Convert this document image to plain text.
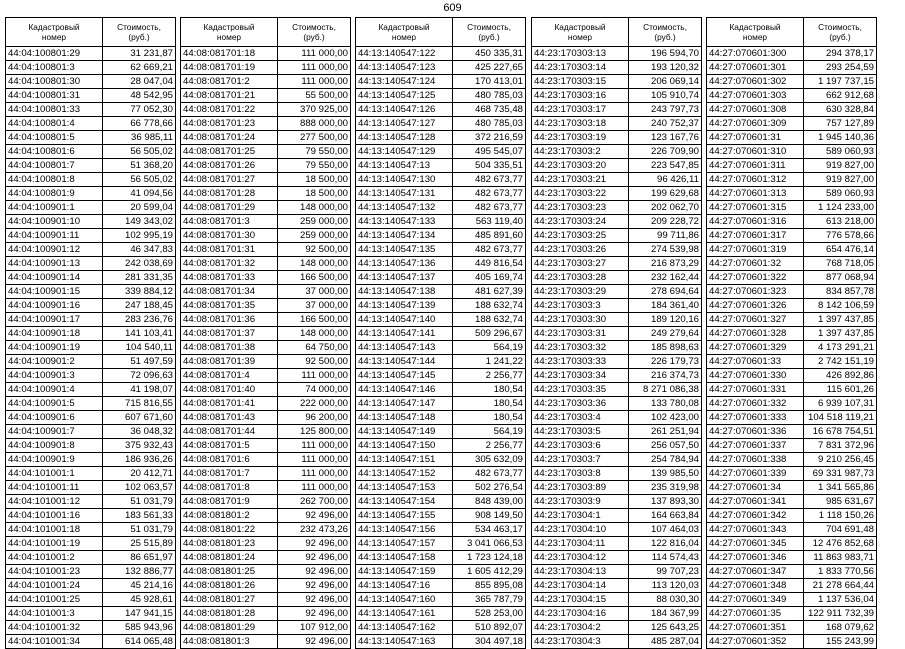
609
Кадастровый
номер	Стоимость,
(руб.)

44:04:100801:29	31 231,87
44:04:100801:3	62 669,21
44:04:100801:30	28 047,04
44:04:100801:31	48 542,95
44:04:100801:33	77 052,30
44:04:100801:4	66 778,66
44:04:100801:5	36 985,11
44:04:100801:6	56 505,02
44:04:100801:7	51 368,20
44:04:100801:8	56 505,02
44:04:100801:9	41 094,56
44:04:100901:1	20 599,04
44:04:100901:10	149 343,02
44:04:100901:11	102 995,19
44:04:100901:12	46 347,83
44:04:100901:13	242 038,69
44:04:100901:14	281 331,35
44:04:100901:15	339 884,12
44:04:100901:16	247 188,45
44:04:100901:17	283 236,76
44:04:100901:18	141 103,41
44:04:100901:19	104 540,11
44:04:100901:2	51 497,59
44:04:100901:3	72 096,63
44:04:100901:4	41 198,07
44:04:100901:5	715 816,55
44:04:100901:6	607 671,60
44:04:100901:7	36 048,32
44:04:100901:8	375 932,43
44:04:100901:9	186 936,26
44:04:101001:1	20 412,71
44:04:101001:11	102 063,57
44:04:101001:12	51 031,79
44:04:101001:16	183 561,33
44:04:101001:18	51 031,79
44:04:101001:19	25 515,89
44:04:101001:2	86 651,97
44:04:101001:23	132 886,77
44:04:101001:24	45 214,16
44:04:101001:25	45 928,61
44:04:101001:3	147 941,15
44:04:101001:32	585 943,96
44:04:101001:34	614 065,48
Кадастровый
номер	Стоимость,
(руб.)

44:08:081701:18	111 000,00
44:08:081701:19	111 000,00
44:08:081701:2	111 000,00
44:08:081701:21	55 500,00
44:08:081701:22	370 925,00
44:08:081701:23	888 000,00
44:08:081701:24	277 500,00
44:08:081701:25	79 550,00
44:08:081701:26	79 550,00
44:08:081701:27	18 500,00
44:08:081701:28	18 500,00
44:08:081701:29	148 000,00
44:08:081701:3	259 000,00
44:08:081701:30	259 000,00
44:08:081701:31	92 500,00
44:08:081701:32	148 000,00
44:08:081701:33	166 500,00
44:08:081701:34	37 000,00
44:08:081701:35	37 000,00
44:08:081701:36	166 500,00
44:08:081701:37	148 000,00
44:08:081701:38	64 750,00
44:08:081701:39	92 500,00
44:08:081701:4	111 000,00
44:08:081701:40	74 000,00
44:08:081701:41	222 000,00
44:08:081701:43	96 200,00
44:08:081701:44	125 800,00
44:08:081701:5	111 000,00
44:08:081701:6	111 000,00
44:08:081701:7	111 000,00
44:08:081701:8	111 000,00
44:08:081701:9	262 700,00
44:08:081801:2	92 496,00
44:08:081801:22	232 473,26
44:08:081801:23	92 496,00
44:08:081801:24	92 496,00
44:08:081801:25	92 496,00
44:08:081801:26	92 496,00
44:08:081801:27	92 496,00
44:08:081801:28	92 496,00
44:08:081801:29	107 912,00
44:08:081801:3	92 496,00
Кадастровый
номер	Стоимость,
(руб.)

44:13:140547:122	450 335,31
44:13:140547:123	425 227,65
44:13:140547:124	170 413,01
44:13:140547:125	480 785,03
44:13:140547:126	468 735,48
44:13:140547:127	480 785,03
44:13:140547:128	372 216,59
44:13:140547:129	495 545,07
44:13:140547:13	504 335,51
44:13:140547:130	482 673,77
44:13:140547:131	482 673,77
44:13:140547:132	482 673,77
44:13:140547:133	563 119,40
44:13:140547:134	485 891,60
44:13:140547:135	482 673,77
44:13:140547:136	449 816,54
44:13:140547:137	405 169,74
44:13:140547:138	481 627,39
44:13:140547:139	188 632,74
44:13:140547:140	188 632,74
44:13:140547:141	509 296,67
44:13:140547:143	564,19
44:13:140547:144	1 241,22
44:13:140547:145	2 256,77
44:13:140547:146	180,54
44:13:140547:147	180,54
44:13:140547:148	180,54
44:13:140547:149	564,19
44:13:140547:150	2 256,77
44:13:140547:151	305 632,09
44:13:140547:152	482 673,77
44:13:140547:153	502 276,54
44:13:140547:154	848 439,00
44:13:140547:155	908 149,50
44:13:140547:156	534 463,17
44:13:140547:157	3 041 066,53
44:13:140547:158	1 723 124,18
44:13:140547:159	1 605 412,29
44:13:140547:16	855 895,08
44:13:140547:160	365 787,79
44:13:140547:161	528 253,00
44:13:140547:162	510 892,07
44:13:140547:163	304 497,18
Кадастровый
номер	Стоимость,
(руб.)

44:23:170303:13	196 594,70
44:23:170303:14	193 120,32
44:23:170303:15	206 069,14
44:23:170303:16	105 910,74
44:23:170303:17	243 797,73
44:23:170303:18	240 752,37
44:23:170303:19	123 167,76
44:23:170303:2	226 709,90
44:23:170303:20	223 547,85
44:23:170303:21	96 426,11
44:23:170303:22	199 629,68
44:23:170303:23	202 062,70
44:23:170303:24	209 228,72
44:23:170303:25	99 711,86
44:23:170303:26	274 539,98
44:23:170303:27	216 873,29
44:23:170303:28	232 162,44
44:23:170303:29	278 694,64
44:23:170303:3	184 361,40
44:23:170303:30	189 120,16
44:23:170303:31	249 279,64
44:23:170303:32	185 898,63
44:23:170303:33	226 179,73
44:23:170303:34	216 374,73
44:23:170303:35	8 271 086,38
44:23:170303:36	133 780,08
44:23:170303:4	102 423,00
44:23:170303:5	261 251,94
44:23:170303:6	256 057,50
44:23:170303:7	254 784,94
44:23:170303:8	139 985,50
44:23:170303:89	235 319,98
44:23:170303:9	137 893,30
44:23:170304:1	164 663,84
44:23:170304:10	107 464,03
44:23:170304:11	122 816,04
44:23:170304:12	114 574,43
44:23:170304:13	99 707,23
44:23:170304:14	113 120,03
44:23:170304:15	88 030,30
44:23:170304:16	184 367,99
44:23:170304:2	125 643,25
44:23:170304:3	485 287,04
Кадастровый
номер	Стоимость,
(руб.)

44:27:070601:300	294 378,17
44:27:070601:301	293 254,59
44:27:070601:302	1 197 737,15
44:27:070601:303	662 912,68
44:27:070601:308	630 328,84
44:27:070601:309	757 127,89
44:27:070601:31	1 945 140,36
44:27:070601:310	589 060,93
44:27:070601:311	919 827,00
44:27:070601:312	919 827,00
44:27:070601:313	589 060,93
44:27:070601:315	1 124 233,00
44:27:070601:316	613 218,00
44:27:070601:317	776 578,66
44:27:070601:319	654 476,14
44:27:070601:32	768 718,05
44:27:070601:322	877 068,94
44:27:070601:323	834 857,78
44:27:070601:326	8 142 106,59
44:27:070601:327	1 397 437,85
44:27:070601:328	1 397 437,85
44:27:070601:329	4 173 291,21
44:27:070601:33	2 742 151,19
44:27:070601:330	426 892,86
44:27:070601:331	115 601,26
44:27:070601:332	6 939 107,31
44:27:070601:333	104 518 119,21
44:27:070601:336	16 678 754,51
44:27:070601:337	7 831 372,96
44:27:070601:338	9 210 256,45
44:27:070601:339	69 331 987,73
44:27:070601:34	1 341 565,86
44:27:070601:341	985 631,67
44:27:070601:342	1 118 150,26
44:27:070601:343	704 691,48
44:27:070601:345	12 476 852,68
44:27:070601:346	11 863 983,71
44:27:070601:347	1 833 770,56
44:27:070601:348	21 278 664,44
44:27:070601:349	1 137 536,04
44:27:070601:35	122 911 732,39
44:27:070601:351	168 079,62
44:27:070601:352	155 243,99
